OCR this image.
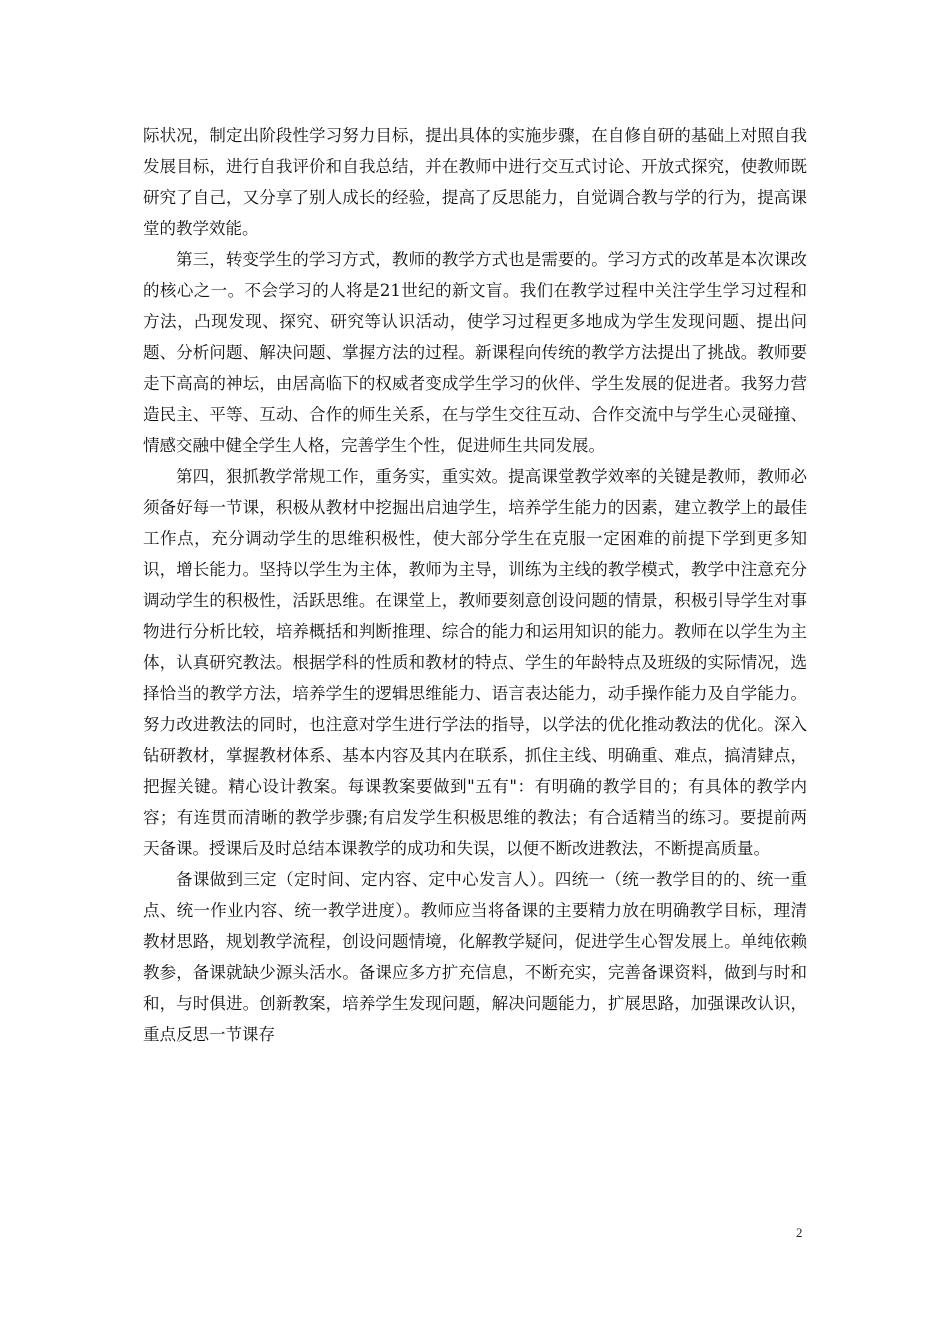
际状况，制定出阶段性学习努力目标，提出具体的实施步骤，在自修自研的基础上对照自我发展目标，进行自我评价和自我总结，并在教师中进行交互式讨论、开放式探究，使教师既研究了自己，又分享了别人成长的经验，提高了反思能力，自觉调合教与学的行为，提高课堂的教学效能。

第三，转变学生的学习方式，教师的教学方式也是需要的。学习方式的改革是本次课改的核心之一。不会学习的人将是21世纪的新文盲。我们在教学过程中关注学生学习过程和方法，凸现发现、探究、研究等认识活动，使学习过程更多地成为学生发现问题、提出问题、分析问题、解决问题、掌握方法的过程。新课程向传统的教学方法提出了挑战。教师要走下高高的神坛，由居高临下的权威者变成学生学习的伙伴、学生发展的促进者。我努力营造民主、平等、互动、合作的师生关系，在与学生交往互动、合作交流中与学生心灵碰撞、情感交融中健全学生人格，完善学生个性，促进师生共同发展。

第四，狠抓教学常规工作，重务实，重实效。提高课堂教学效率的关键是教师，教师必须备好每一节课，积极从教材中挖掘出启迪学生，培养学生能力的因素，建立教学上的最佳工作点，充分调动学生的思维积极性，使大部分学生在克服一定困难的前提下学到更多知识，增长能力。坚持以学生为主体，教师为主导，训练为主线的教学模式，教学中注意充分调动学生的积极性，活跃思维。在课堂上，教师要刻意创设问题的情景，积极引导学生对事物进行分析比较，培养概括和判断推理、综合的能力和运用知识的能力。教师在以学生为主体，认真研究教法。根据学科的性质和教材的特点、学生的年龄特点及班级的实际情况，选择恰当的教学方法，培养学生的逻辑思维能力、语言表达能力，动手操作能力及自学能力。努力改进教法的同时，也注意对学生进行学法的指导，以学法的优化推动教法的优化。深入钻研教材，掌握教材体系、基本内容及其内在联系，抓住主线、明确重、难点，搞清肄点，把握关键。精心设计教案。每课教案要做到"五有"：有明确的教学目的；有具体的教学内容；有连贯而清晰的教学步骤;有启发学生积极思维的教法；有合适精当的练习。要提前两天备课。授课后及时总结本课教学的成功和失误，以便不断改进教法，不断提高质量。

备课做到三定（定时间、定内容、定中心发言人）。四统一（统一教学目的的、统一重点、统一作业内容、统一教学进度）。教师应当将备课的主要精力放在明确教学目标，理清教材思路，规划教学流程，创设问题情境，化解教学疑问，促进学生心智发展上。单纯依赖教参，备课就缺少源头活水。备课应多方扩充信息，不断充实，完善备课资料，做到与时和和，与时俱进。创新教案，培养学生发现问题，解决问题能力，扩展思路，加强课改认识，重点反思一节课存

2
